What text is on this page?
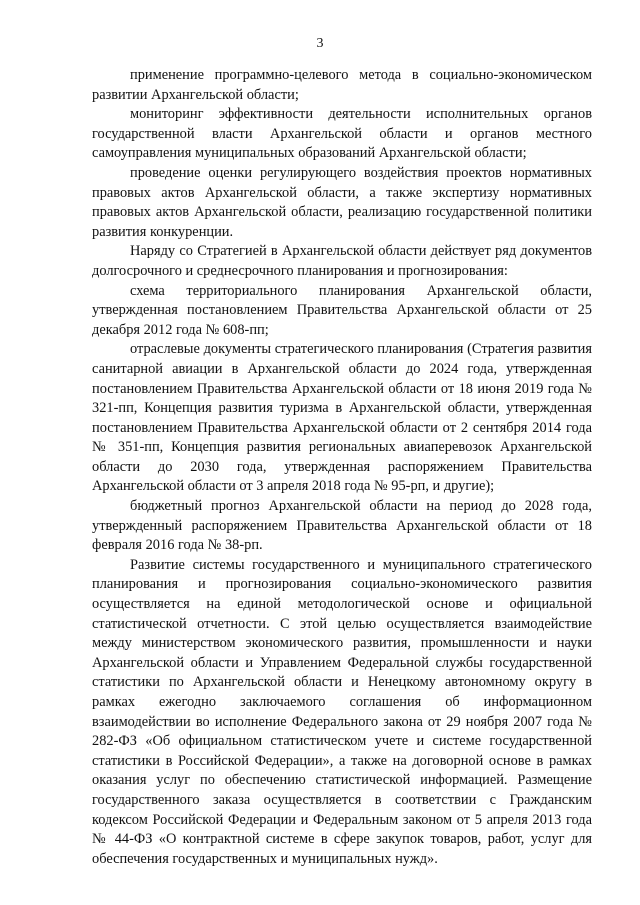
3

применение программно-целевого метода в социально-экономическом развитии Архангельской области;

мониторинг эффективности деятельности исполнительных органов государственной власти Архангельской области и органов местного самоуправления муниципальных образований Архангельской области;

проведение оценки регулирующего воздействия проектов нормативных правовых актов Архангельской области, а также экспертизу нормативных правовых актов Архангельской области, реализацию государственной политики развития конкуренции.

Наряду со Стратегией в Архангельской области действует ряд документов долгосрочного и среднесрочного планирования и прогнозирования:

схема территориального планирования Архангельской области, утвержденная постановлением Правительства Архангельской области от 25 декабря 2012 года № 608-пп;

отраслевые документы стратегического планирования (Стратегия развития санитарной авиации в Архангельской области до 2024 года, утвержденная постановлением Правительства Архангельской области от 18 июня 2019 года № 321-пп, Концепция развития туризма в Архангельской области, утвержденная постановлением Правительства Архангельской области от 2 сентября 2014 года № 351-пп, Концепция развития региональных авиаперевозок Архангельской области до 2030 года, утвержденная распоряжением Правительства Архангельской области от 3 апреля 2018 года № 95-рп, и другие);

бюджетный прогноз Архангельской области на период до 2028 года, утвержденный распоряжением Правительства Архангельской области от 18 февраля 2016 года № 38-рп.

Развитие системы государственного и муниципального стратегического планирования и прогнозирования социально-экономического развития осуществляется на единой методологической основе и официальной статистической отчетности. С этой целью осуществляется взаимодействие между министерством экономического развития, промышленности и науки Архангельской области и Управлением Федеральной службы государственной статистики по Архангельской области и Ненецкому автономному округу в рамках ежегодно заключаемого соглашения об информационном взаимодействии во исполнение Федерального закона от 29 ноября 2007 года № 282-ФЗ «Об официальном статистическом учете и системе государственной статистики в Российской Федерации», а также на договорной основе в рамках оказания услуг по обеспечению статистической информацией. Размещение государственного заказа осуществляется в соответствии с Гражданским кодексом Российской Федерации и Федеральным законом от 5 апреля 2013 года № 44-ФЗ «О контрактной системе в сфере закупок товаров, работ, услуг для обеспечения государственных и муниципальных нужд».
